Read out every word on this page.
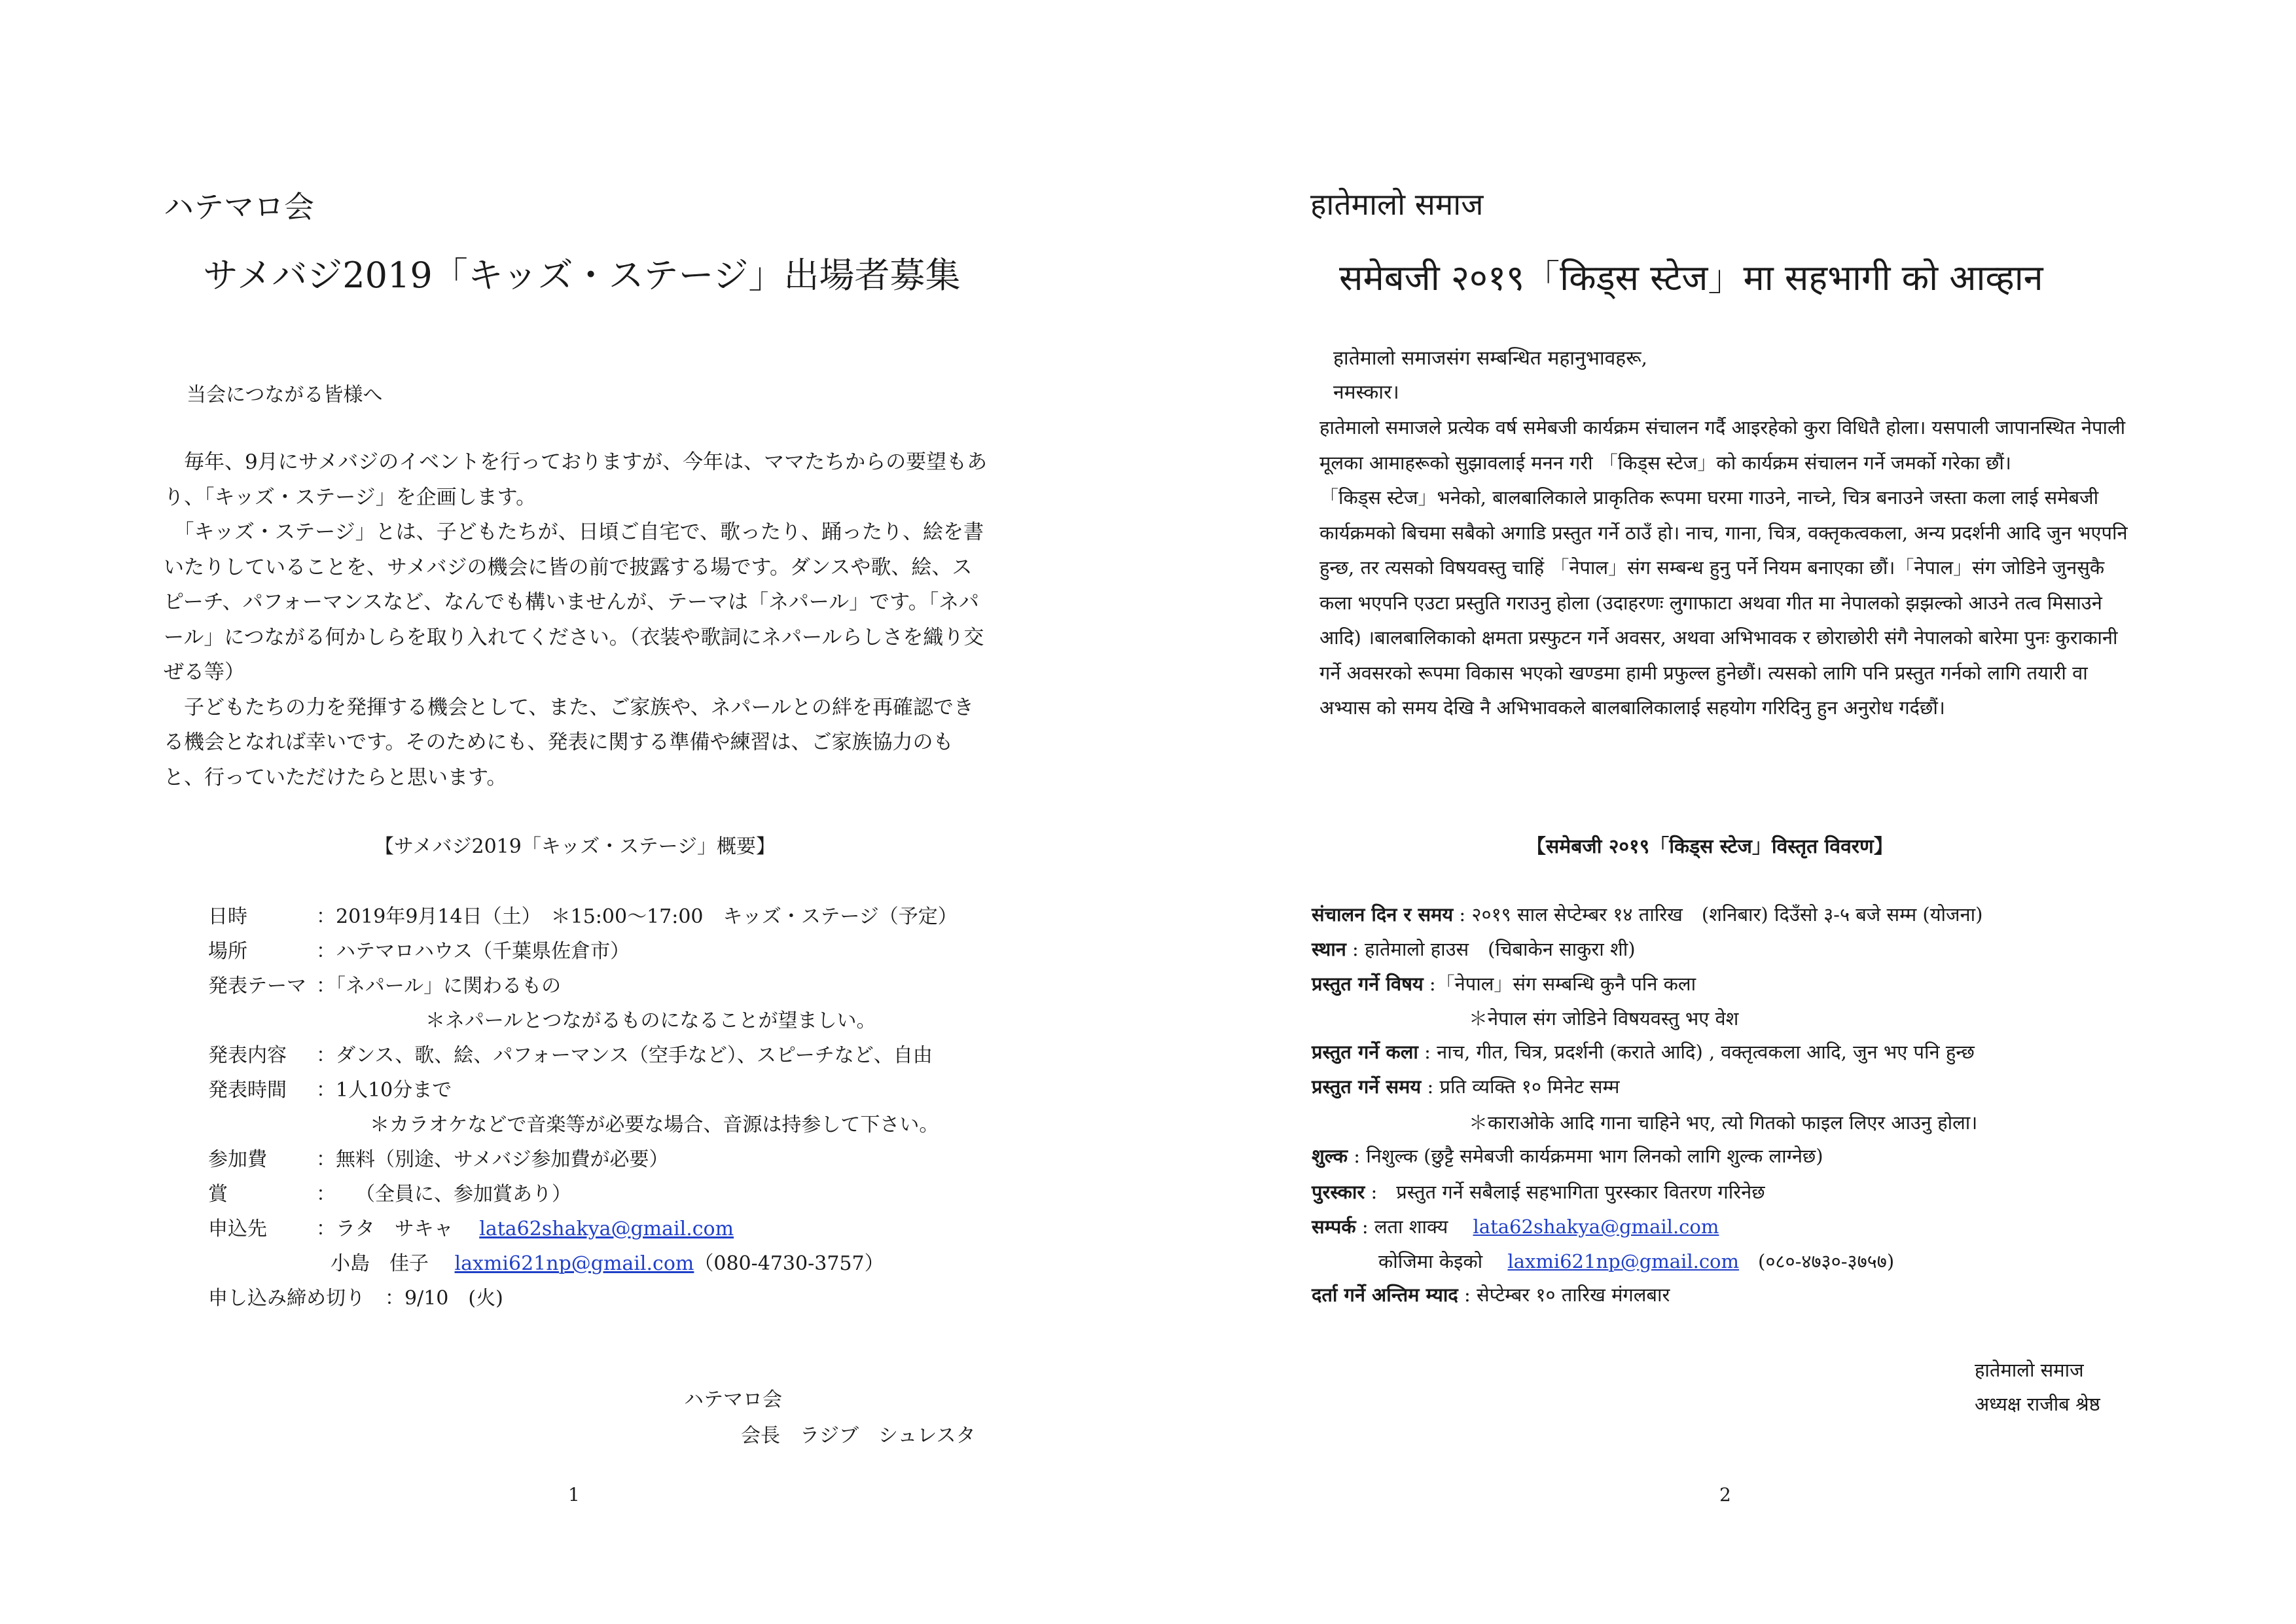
ハテマロ会
サメバジ2019「キッズ・ステージ」出場者募集
当会につながる皆様へ

　毎年、9月にサメバジのイベントを行っておりますが、今年は、ママたちからの要望もあり、「キッズ・ステージ」を企画します。

　「キッズ・ステージ」とは、子どもたちが、日頃ご自宅で、歌ったり、踊ったり、絵を書いたりしていることを、サメバジの機会に皆の前で披露する場です。ダンスや歌、絵、スピーチ、パフォーマンスなど、なんでも構いませんが、テーマは「ネパール」です。「ネパール」につながる何かしらを取り入れてください。（衣装や歌詞にネパールらしさを織り交ぜる等）

　子どもたちの力を発揮する機会として、また、ご家族や、ネパールとの絆を再確認できる機会となれば幸いです。そのためにも、発表に関する準備や練習は、ご家族協力のもと、行っていただけたらと思います。

【サメバジ2019「キッズ・ステージ」概要】
日時	：2019年9月14日（土）　＊15:00～17:00　キッズ・ステージ（予定）
場所	：ハテマロハウス（千葉県佐倉市）
発表テーマ ：「ネパール」に関わるもの
＊ネパールとつながるものになることが望ましい。
発表内容 ：ダンス、歌、絵、パフォーマンス（空手など）、スピーチなど、自由
発表時間 ：1人10分まで
＊カラオケなどで音楽等が必要な場合、音源は持参して下さい。
参加費	：無料（別途、サメバジ参加費が必要）
賞	：　　（全員に、参加賞あり）
申込先	：ラタ　サキャ　 lata62shakya@gmail.com
小島　佳子　 laxmi621np@gmail.com（080-4730-3757）
申し込み締め切り　 ：9/10　(火)
ハテマロ会
会長　ラジブ　シュレスタ
1
हातेमालो समाज
समेबजी २०१९「किड्स स्टेज」मा सहभागी को आव्हान
हातेमालो समाजसंग सम्बन्धित महानुभावहरू,
नमस्कार।

हातेमालो समाजले प्रत्येक वर्ष समेबजी कार्यक्रम संचालन गर्दै आइरहेको कुरा विधितै होला। यसपाली जापानस्थित नेपाली मूलका आमाहरूको सुझावलाई मनन गरी 「किड्स स्टेज」को कार्यक्रम संचालन गर्ने जमर्को गरेका छौं।

「किड्स स्टेज」भनेको, बालबालिकाले प्राकृतिक रूपमा घरमा गाउने, नाच्ने, चित्र बनाउने जस्ता कला लाई समेबजी कार्यक्रमको बिचमा सबैको अगाडि प्रस्तुत गर्ने ठाउँ हो। नाच, गाना, चित्र, वक्तृकत्वकला, अन्य प्रदर्शनी आदि जुन भएपनि हुन्छ, तर त्यसको विषयवस्तु चाहिं 「नेपाल」संग सम्बन्ध हुनु पर्ने नियम बनाएका छौं।「नेपाल」संग जोडिने जुनसुकै कला भएपनि एउटा प्रस्तुति गराउनु होला (उदाहरणः लुगाफाटा अथवा गीत मा नेपालको झझल्को आउने तत्व मिसाउने आदि) ।बालबालिकाको क्षमता प्रस्फुटन गर्ने अवसर, अथवा अभिभावक र छोराछोरी संगै नेपालको बारेमा पुनः कुराकानी गर्ने अवसरको रूपमा विकास भएको खण्डमा हामी प्रफुल्ल हुनेछौं। त्यसको लागि पनि प्रस्तुत गर्नको लागि तयारी वा अभ्यास को समय देखि नै अभिभावकले बालबालिकालाई सहयोग गरिदिनु हुन अनुरोध गर्दछौं।

【समेबजी २०१९「किड्स स्टेज」विस्तृत विवरण】
संचालन दिन र समय : २०१९ साल सेप्टेम्बर १४ तारिख　(शनिबार) दिउँसो ३-५ बजे सम्म (योजना)
स्थान : हातेमालो हाउस　(चिबाकेन साकुरा शी)
प्रस्तुत गर्ने विषय :「नेपाल」संग सम्बन्धि कुनै पनि कला
＊नेपाल संग जोडिने विषयवस्तु भए वेश
प्रस्तुत गर्ने कला : नाच, गीत, चित्र, प्रदर्शनी (कराते आदि) , वक्तृत्वकला आदि, जुन भए पनि हुन्छ
प्रस्तुत गर्ने समय : प्रति व्यक्ति १० मिनेट सम्म
＊काराओके आदि गाना चाहिने भए, त्यो गितको फाइल लिएर आउनु होला।
शुल्क : निशुल्क (छुट्टै समेबजी कार्यक्रममा भाग लिनको लागि शुल्क लाग्नेछ)
पुरस्कार :　प्रस्तुत गर्ने सबैलाई सहभागिता पुरस्कार वितरण गरिनेछ
सम्पर्क : लता शाक्य　 lata62shakya@gmail.com
कोजिमा केइको　 laxmi621np@gmail.com　 (०८०-४७३०-३७५७)
दर्ता गर्ने अन्तिम म्याद : सेप्टेम्बर १० तारिख मंगलबार
हातेमालो समाज
अध्यक्ष राजीब श्रेष्ठ
2
